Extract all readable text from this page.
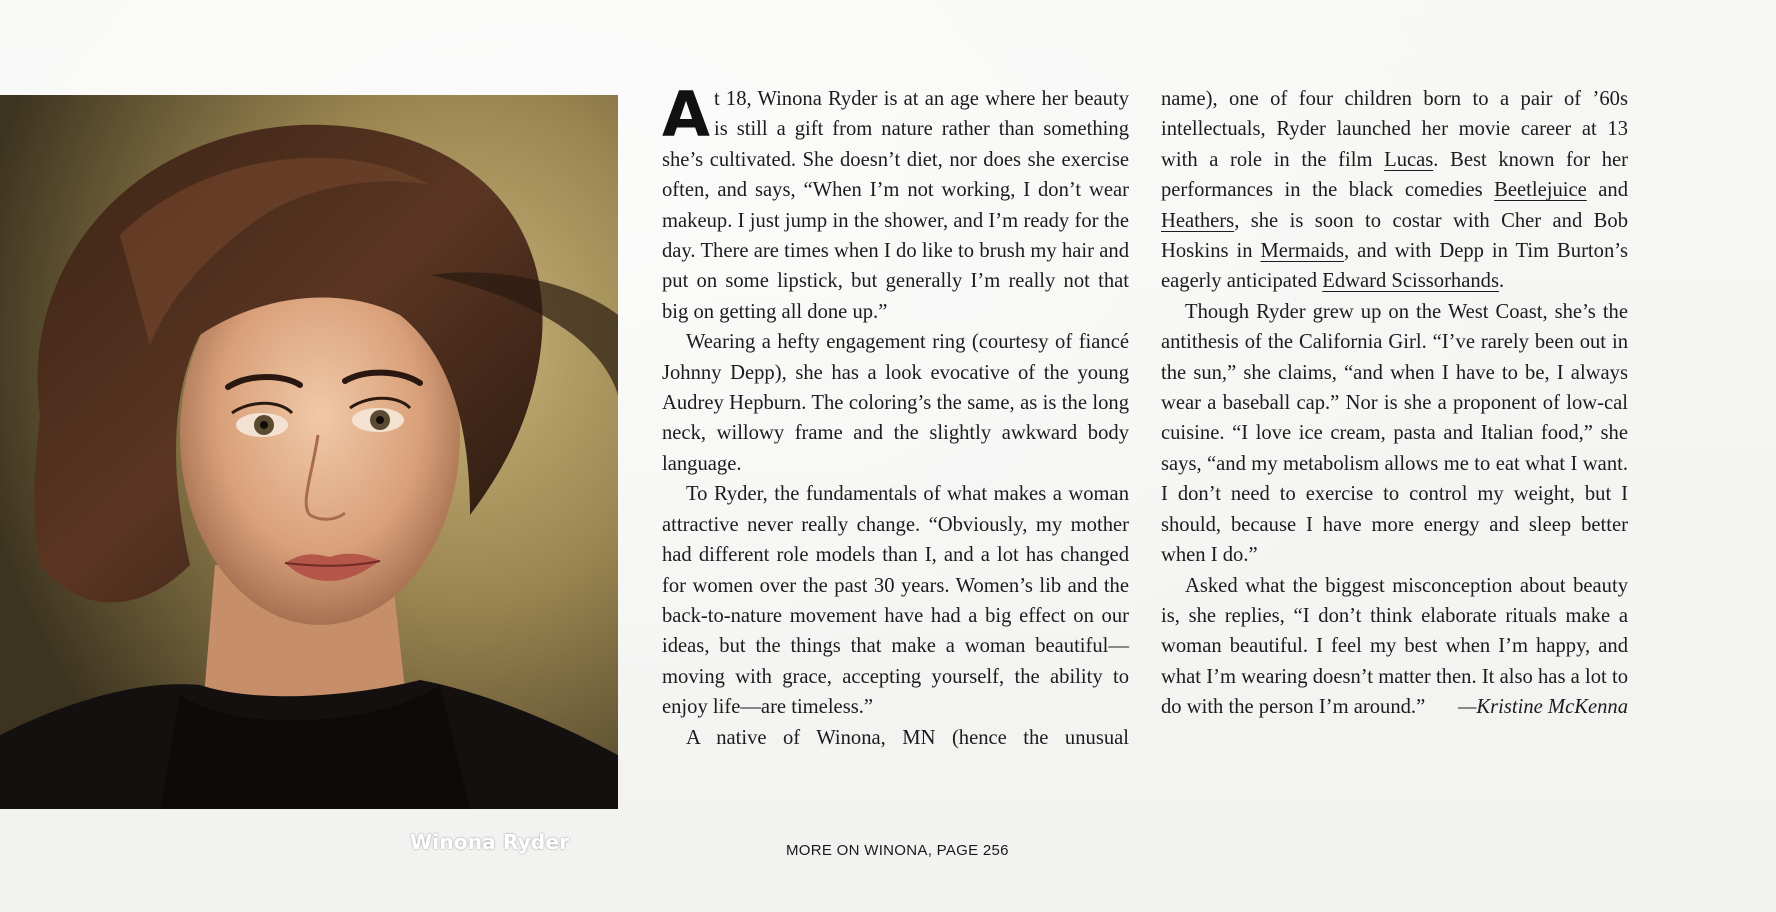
Winona Ryder

At 18, Winona Ryder is at an age where her beauty is still a gift from nature rather than something she’s cultivated. She doesn’t diet, nor does she exercise often, and says, “When I’m not working, I don’t wear makeup. I just jump in the shower, and I’m ready for the day. There are times when I do like to brush my hair and put on some lipstick, but generally I’m really not that big on getting all done up.”

Wearing a hefty engagement ring (courtesy of fiancé Johnny Depp), she has a look evocative of the young Audrey Hepburn. The coloring’s the same, as is the long neck, willowy frame and the slightly awkward body language.

To Ryder, the fundamentals of what makes a woman attractive never really change. “Obviously, my mother had different role models than I, and a lot has changed for women over the past 30 years. Women’s lib and the back-to-nature movement have had a big effect on our ideas, but the things that make a woman beautiful—moving with grace, accepting yourself, the ability to enjoy life—are timeless.”

A native of Winona, MN (hence the unusual

name), one of four children born to a pair of ’60s intellectuals, Ryder launched her movie career at 13 with a role in the film Lucas. Best known for her performances in the black comedies Beetlejuice and Heathers, she is soon to costar with Cher and Bob Hoskins in Mermaids, and with Depp in Tim Burton’s eagerly anticipated Edward Scissorhands.

Though Ryder grew up on the West Coast, she’s the antithesis of the California Girl. “I’ve rarely been out in the sun,” she claims, “and when I have to be, I always wear a baseball cap.” Nor is she a proponent of low-cal cuisine. “I love ice cream, pasta and Italian food,” she says, “and my metabolism allows me to eat what I want. I don’t need to exercise to control my weight, but I should, because I have more energy and sleep better when I do.”

Asked what the biggest misconception about beauty is, she replies, “I don’t think elaborate rituals make a woman beautiful. I feel my best when I’m happy, and what I’m wearing doesn’t matter then. It also has a lot to do with the person I’m around.”	—Kristine McKenna

MORE ON WINONA, PAGE 256
